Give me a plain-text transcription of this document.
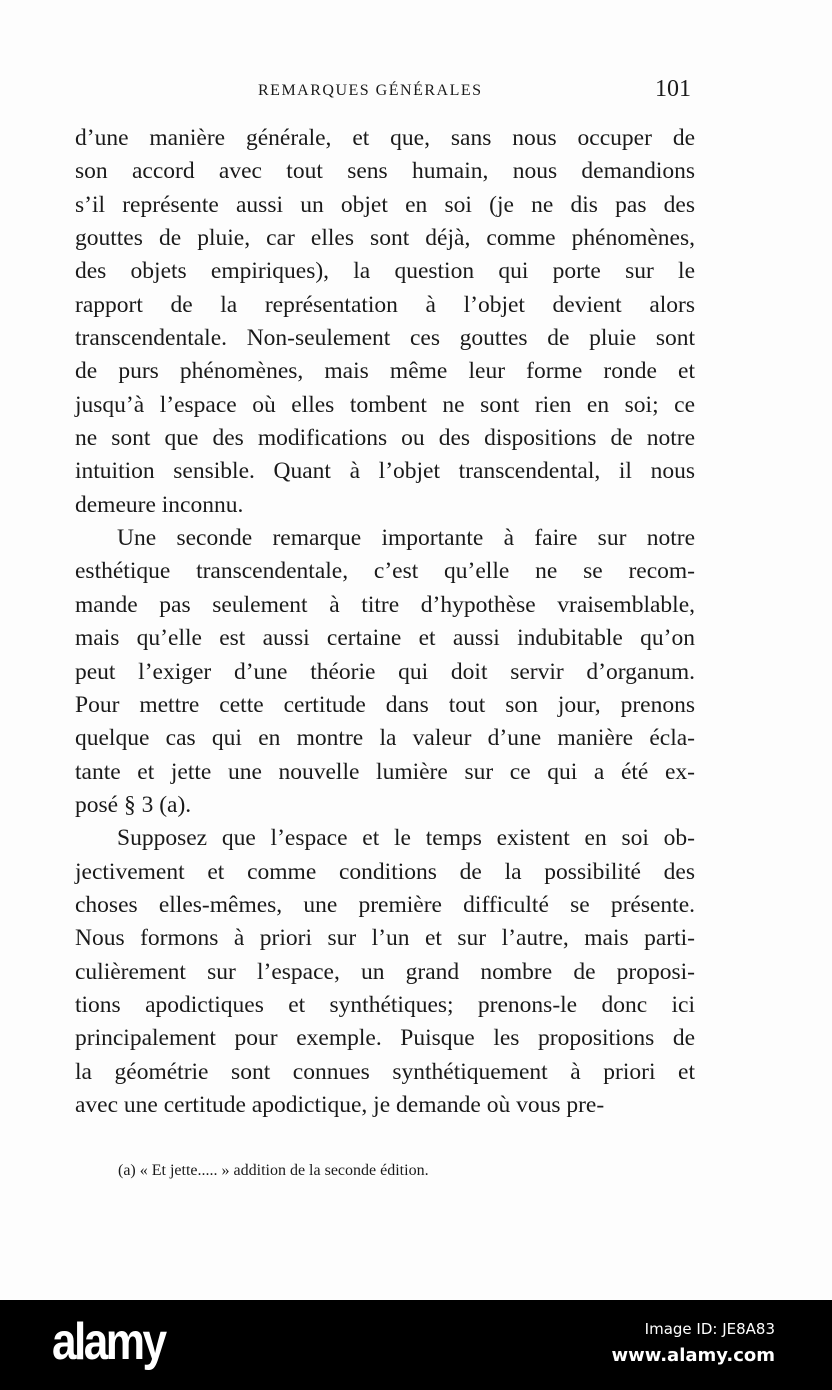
REMARQUES GÉNÉRALES	101
d’une manière générale, et que, sans nous occuper de
son accord avec tout sens humain, nous demandions
s’il représente aussi un objet en soi (je ne dis pas des
gouttes de pluie, car elles sont déjà, comme phénomènes,
des objets empiriques), la question qui porte sur le
rapport de la représentation à l’objet devient alors
transcendentale. Non-seulement ces gouttes de pluie sont
de purs phénomènes, mais même leur forme ronde et
jusqu’à l’espace où elles tombent ne sont rien en soi; ce
ne sont que des modifications ou des dispositions de notre
intuition sensible. Quant à l’objet transcendental, il nous
demeure inconnu.
Une seconde remarque importante à faire sur notre
esthétique transcendentale, c’est qu’elle ne se recom-
mande pas seulement à titre d’hypothèse vraisemblable,
mais qu’elle est aussi certaine et aussi indubitable qu’on
peut l’exiger d’une théorie qui doit servir d’organum.
Pour mettre cette certitude dans tout son jour, prenons
quelque cas qui en montre la valeur d’une manière écla-
tante et jette une nouvelle lumière sur ce qui a été ex-
posé § 3 (a).
Supposez que l’espace et le temps existent en soi ob-
jectivement et comme conditions de la possibilité des
choses elles-mêmes, une première difficulté se présente.
Nous formons à priori sur l’un et sur l’autre, mais parti-
culièrement sur l’espace, un grand nombre de proposi-
tions apodictiques et synthétiques; prenons-le donc ici
principalement pour exemple. Puisque les propositions de
la géométrie sont connues synthétiquement à priori et
avec une certitude apodictique, je demande où vous pre-
(a) « Et jette..... » addition de la seconde édition.
alamy	Image ID: JE8A83
www.alamy.com
